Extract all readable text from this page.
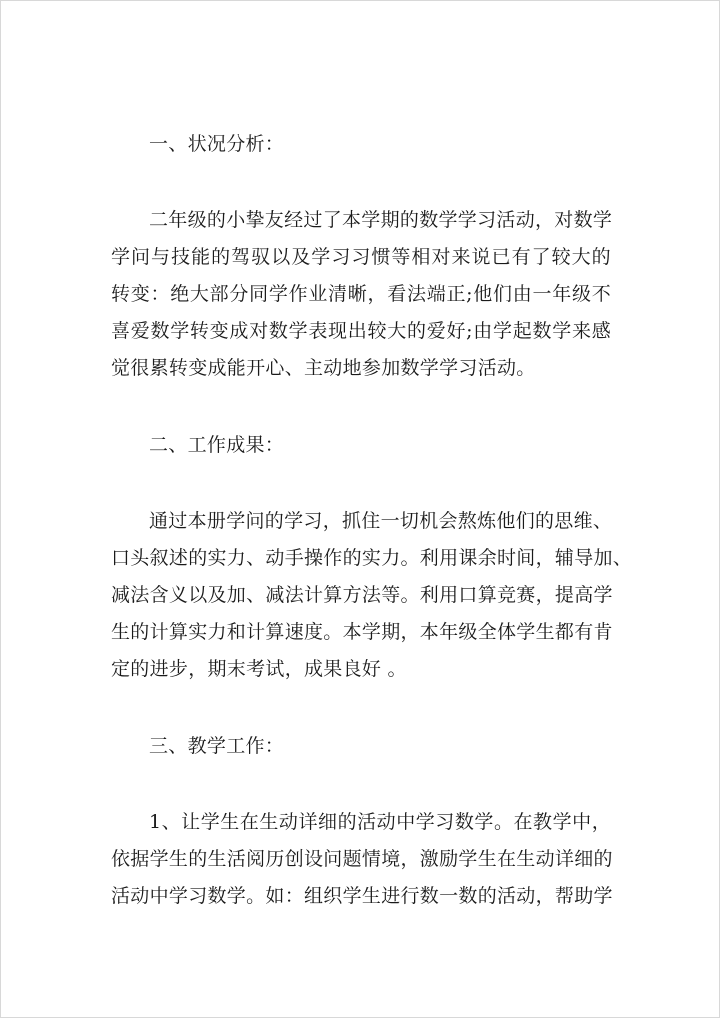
一、状况分析：
二年级的小挚友经过了本学期的数学学习活动，对数学
学问与技能的驾驭以及学习习惯等相对来说已有了较大的
转变：绝大部分同学作业清晰，看法端正;他们由一年级不
喜爱数学转变成对数学表现出较大的爱好;由学起数学来感
觉很累转变成能开心、主动地参加数学学习活动。
二、工作成果：
通过本册学问的学习，抓住一切机会熬炼他们的思维、
口头叙述的实力、动手操作的实力。利用课余时间，辅导加、
减法含义以及加、减法计算方法等。利用口算竞赛，提高学
生的计算实力和计算速度。本学期，本年级全体学生都有肯
定的进步，期末考试，成果良好 。
三、教学工作：
1、让学生在生动详细的活动中学习数学。在教学中，
依据学生的生活阅历创设问题情境，激励学生在生动详细的
活动中学习数学。如：组织学生进行数一数的活动，帮助学
